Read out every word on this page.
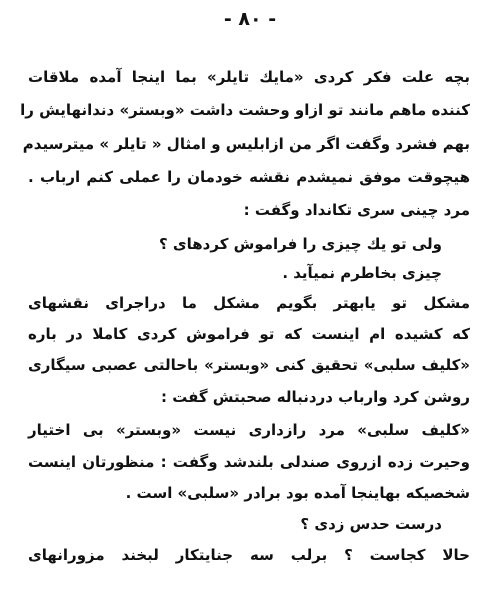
- ۸۰ -
بچه علت فکر کردی «مایك تایلر» بما اینجا آمده ملاقات
کننده ماهم مانند تو ازاو وحشت داشت «وبستر» دندانهایش را
بهم فشرد وگفت اگر من ازابلیس و امثال « تایلر » میترسیدم
هیچوقت موفق نمیشدم نقشه خودمان را عملی کنم ارباب .
مرد چینی سری تکانداد وگفت :
ولی تو یك چیزی را فراموش کردهای ؟
چیزی بخاطرم نمیآید .
مشکل تو یابهتر بگویم مشکل ما دراجرای نقشهای
که کشیده ام اینست که تو فراموش کردی کاملا در باره
«کلیف سلبی» تحقیق کنی «وبستر» باحالتی عصبی سیگاری
روشن کرد وارباب دردنباله صحبتش گفت :
«کلیف سلبی» مرد رازداری نیست «وبستر» بی اختیار
وحیرت زده ازروی صندلی بلندشد وگفت : منظورتان اینست
شخصیکه بهاینجا آمده بود برادر «سلبی» است .
درست حدس زدی ؟
حالا کجاست ؟ برلب سه جنایتکار لبخند مزورانهای
